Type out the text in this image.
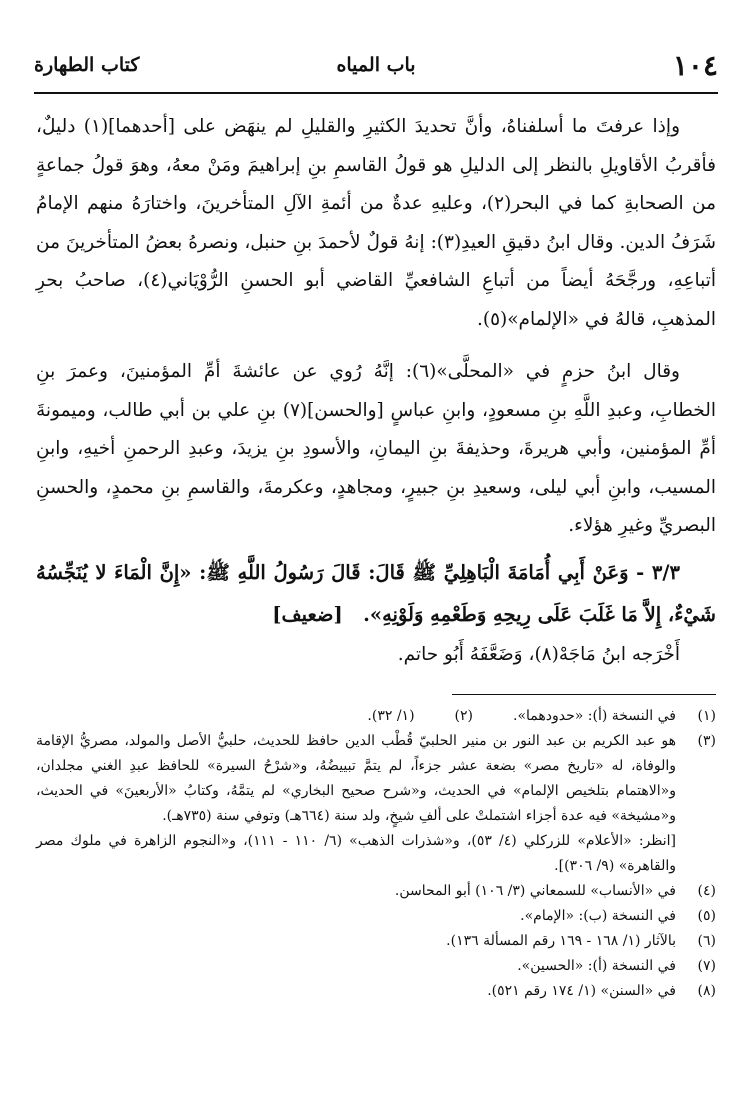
١٠٤
باب المياه
كتاب الطهارة

وإذا عرفتَ ما أسلفناهُ، وأنَّ تحديدَ الكثيرِ والقليلِ لم ينهَض على [أحدهما](١) دليلٌ، فأقربُ الأقاويلِ بالنظر إلى الدليلِ هو قولُ القاسمِ بنِ إبراهيمَ ومَنْ معهُ، وهوَ قولُ جماعةٍ من الصحابةِ كما في البحر(٢)، وعليهِ عدةٌ من أئمةِ الآلِ المتأخرينَ، واختارَهُ منهم الإمامُ شَرَفُ الدين. وقال ابنُ دقيقِ العيدِ(٣): إنهُ قولٌ لأحمدَ بنِ حنبل، ونصرهُ بعضُ المتأخرينَ من أتباعِهِ، ورجَّحَهُ أيضاً من أتباعِ الشافعيِّ القاضي أبو الحسنِ الرُّوْيَاني(٤)، صاحبُ بحرِ المذهبِ، قالهُ في «الإلمام»(٥).

وقال ابنُ حزمٍ في «المحلَّى»(٦): إنَّهُ رُوي عن عائشةَ أمِّ المؤمنينَ، وعمرَ بنِ الخطابِ، وعبدِ اللَّهِ بنِ مسعودٍ، وابنِ عباسٍ [والحسن](٧) بنِ علي بن أبي طالب، وميمونةَ أمِّ المؤمنين، وأبي هريرةَ، وحذيفةَ بنِ اليمانِ، والأسودِ بنِ يزيدَ، وعبدِ الرحمنِ أخيهِ، وابنِ المسيب، وابنِ أبي ليلى، وسعيدِ بنِ جبيرٍ، ومجاهدٍ، وعكرمةَ، والقاسمِ بنِ محمدٍ، والحسنِ البصريِّ وغيرِ هؤلاء.

٣/٣ - وَعَنْ أَبِي أُمَامَةَ الْبَاهِلِيِّ ﷺ قَالَ: قَالَ رَسُولُ اللَّهِ ﷺ: «إِنَّ الْمَاءَ لا يُنَجِّسُهُ شَيْءٌ، إِلاَّ مَا غَلَبَ عَلَى رِيحِهِ وَطَعْمِهِ وَلَوْنِهِ».   [ضعيف]

أَخْرَجه ابنُ مَاجَهْ(٨)، وَضَعَّفَهُ أَبُو حاتم.

(١)
في النسخة (أ): «حدودهما».(٢)(١/ ٣٢).
(٣)
هو عبد الكريم بن عبد النور بن منير الحلبيّ قُطْب الدين حافظ للحديث، حلبيُّ الأصل والمولد، مصريُّ الإقامة والوفاة، له «تاريخ مصر» بضعة عشر جزءاً، لم يتمَّ تبييضُهُ، و«شرْحُ السيرة» للحافظ عبدِ الغني مجلدان، و«الاهتمام بتلخيص الإلمام» في الحديث، و«شرح صحيح البخاري» لم يتمَّهُ، وكتابُ «الأربعينَ» في الحديث، و«مشيخة» فيه عدة أجزاء اشتملتْ على ألفِ شيخٍ، ولد سنة (٦٦٤هـ) وتوفي سنة (٧٣٥هـ).
[انظر: «الأعلام» للزركلي (٤/ ٥٣)، و«شذرات الذهب» (٦/ ١١٠ - ١١١)، و«النجوم الزاهرة في ملوك مصر والقاهرة» (٩/ ٣٠٦)].
(٤)
في «الأنساب» للسمعاني (٣/ ١٠٦) أبو المحاسن.
(٥)
في النسخة (ب): «الإمام».
(٦)
بالآثار (١/ ١٦٨ - ١٦٩ رقم المسألة ١٣٦).
(٧)
في النسخة (أ): «الحسين».
(٨)
في «السنن» (١/ ١٧٤ رقم ٥٢١).
